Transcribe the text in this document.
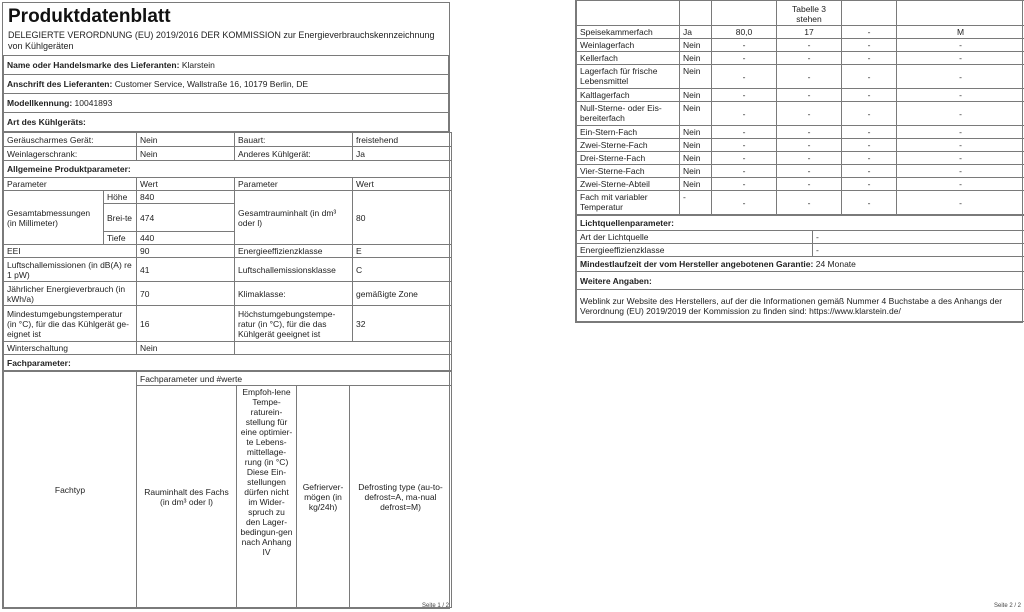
Produktdatenblatt
DELEGIERTE VERORDNUNG (EU) 2019/2016 DER KOMMISSION zur Energieverbrauchskennzeichnung von Kühlgeräten
Name oder Handelsmarke des Lieferanten: Klarstein
Anschrift des Lieferanten: Customer Service, Wallstraße 16, 10179 Berlin, DE
Modellkennung: 10041893
Art des Kühlgeräts:
Geräuscharmes Gerät:		Nein	Bauart:	freistehend
Weinlagerschrank:		Nein	Anderes Kühlgerät:	Ja
Allgemeine Produktparameter:				
Parameter		Wert	Parameter	Wert
Gesamtabmessungen (in Millimeter)	Höhe	840	Gesamtrauminhalt (in dm³ oder l)	80
	Brei-te	474		
	Tiefe	440		
EEI		90	Energieeffizienzklasse	E
Luftschallemissionen (in dB(A) re 1 pW)		41	Luftschallemissionsklasse	C
Jährlicher Energieverbrauch (in kWh/a)		70	Klimaklasse:	gemäßigte Zone
Mindestumgebungstemperatur (in °C), für die das Kühlgerät ge-eignet ist		16	Höchstumgebungstempe-ratur (in °C), für die das Kühlgerät geeignet ist	32
Winterschaltung		Nein		
Fachparameter:				
Fachtyp	Fachparameter und #werte			
	Rauminhalt des Fachs (in dm³ oder l)	Empfoh-lene Tempe-raturein-stellung für eine optimier-te Lebens-mittellage-rung (in °C) Diese Ein-stellungen dürfen nicht im Wider-spruch zu den Lager-bedingun-gen nach Anhang IV	Gefrierver-mögen (in kg/24h)	Defrosting type (au-to-defrost=A, ma-nual defrost=M)
Seite 1 / 2
			Tabelle 3 stehen		
Speisekammerfach	Ja	80,0	17	-	M
Weinlagerfach	Nein	-	-	-	-
Kellerfach	Nein	-	-	-	-
Lagerfach für frische Lebensmittel	Nein	-	-	-	-
Kaltlagerfach	Nein	-	-	-	-
Null-Sterne- oder Eis-bereiterfach	Nein	-	-	-	-
Ein-Stern-Fach	Nein	-	-	-	-
Zwei-Sterne-Fach	Nein	-	-	-	-
Drei-Sterne-Fach	Nein	-	-	-	-
Vier-Sterne-Fach	Nein	-	-	-	-
Zwei-Sterne-Abteil	Nein	-	-	-	-
Fach mit variabler Temperatur	-	-	-	-	-
Lichtquellenparameter:	
Art der Lichtquelle	-
Energieeffizienzklasse	-
Mindestlaufzeit der vom Hersteller angebotenen Garantie: 24 Monate	
Weitere Angaben:	
Weblink zur Website des Herstellers, auf der die Informationen gemäß Nummer 4 Buchstabe a des Anhangs der Verordnung (EU) 2019/2019 der Kommission zu finden sind: https://www.klarstein.de/	
Seite 2 / 2
